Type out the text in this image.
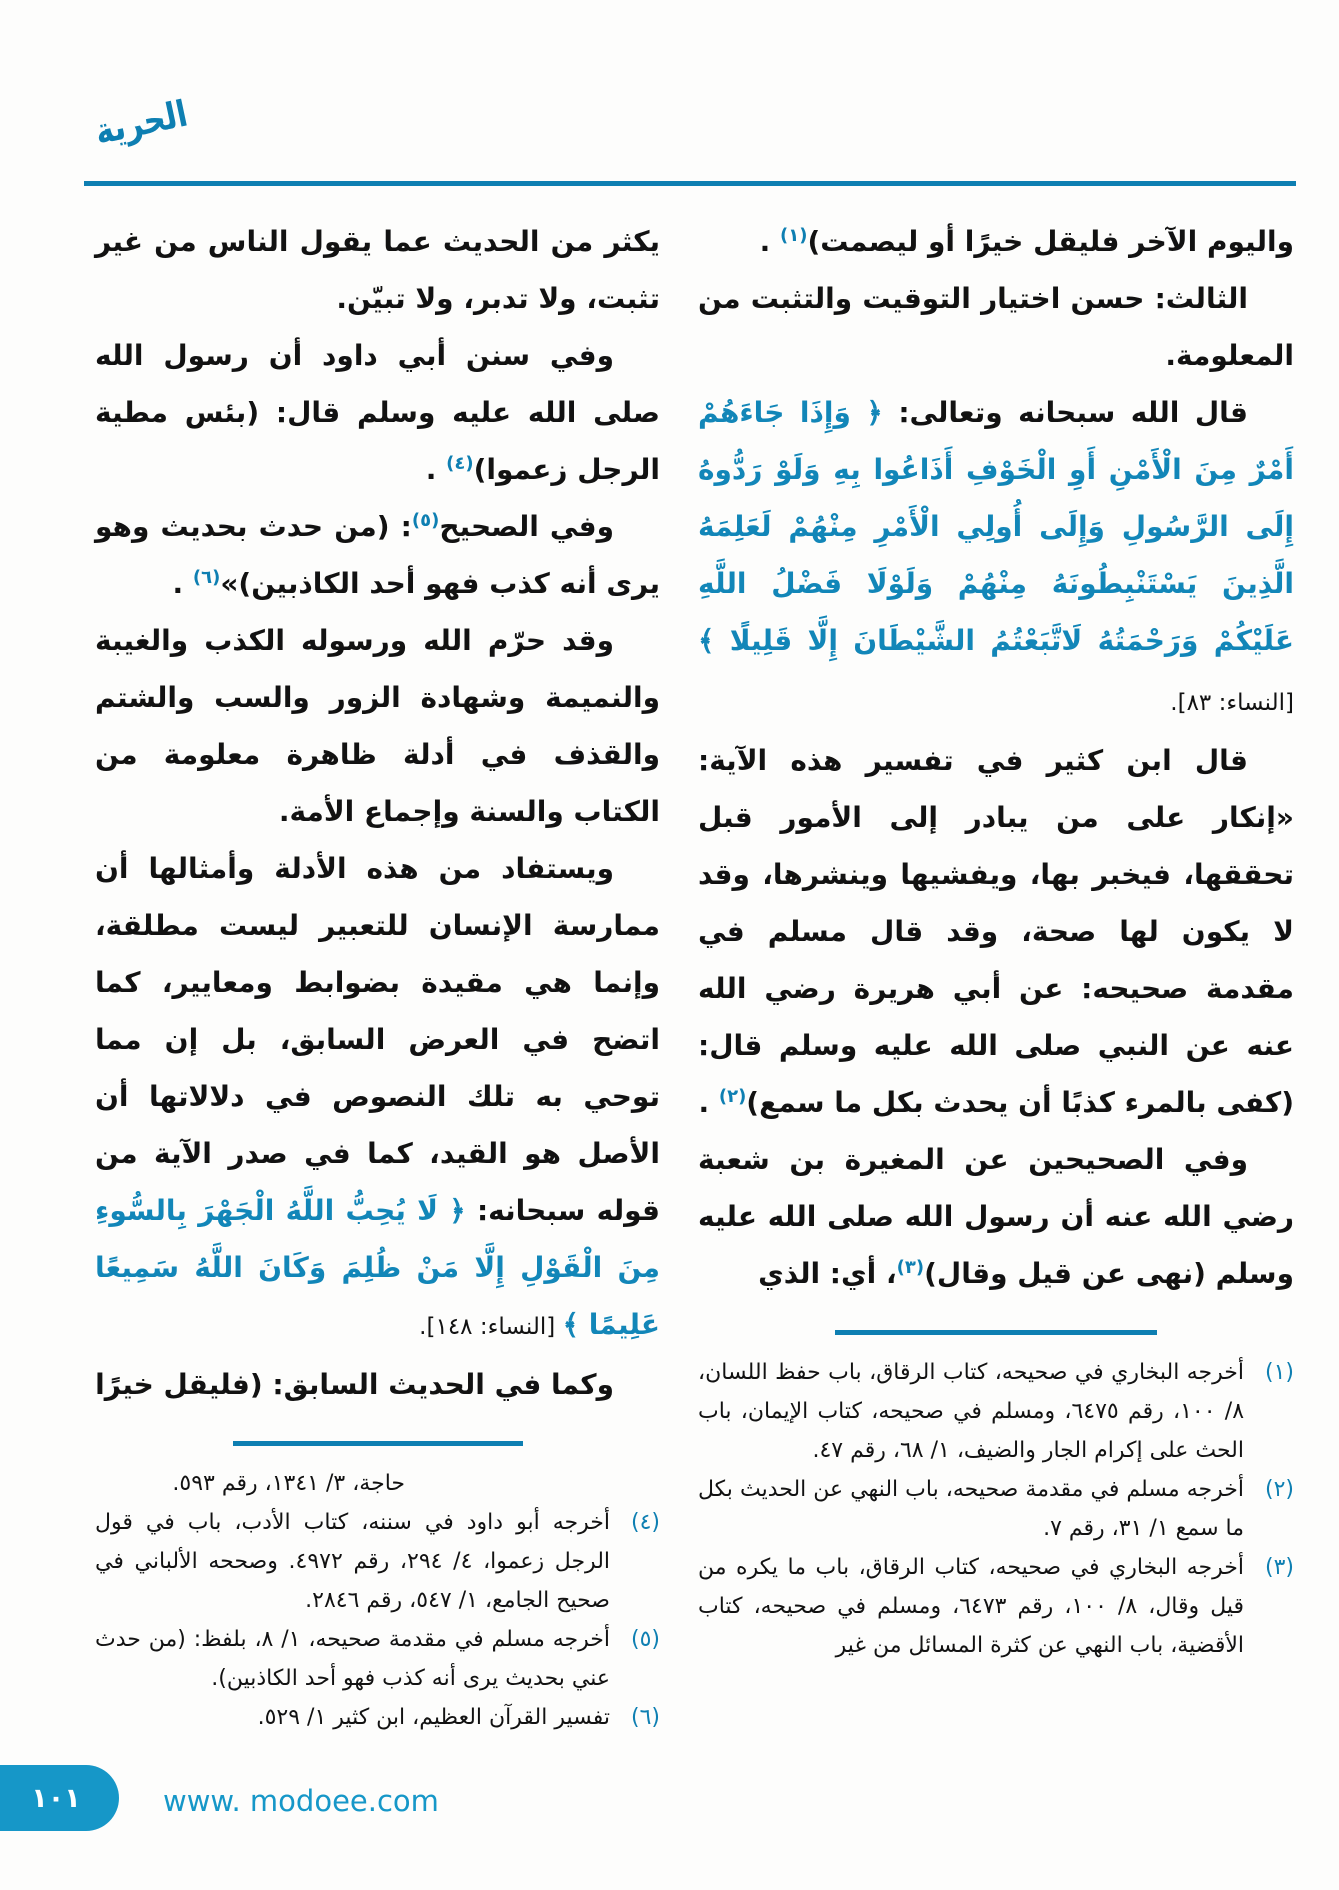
الحرية
واليوم الآخر فليقل خيرًا أو ليصمت)$^{(١)}$ .
الثالث: حسن اختيار التوقيت والتثبت من المعلومة.
قال الله سبحانه وتعالى: ﴿ وَإِذَا جَاءَهُمْ أَمْرٌ مِنَ الْأَمْنِ أَوِ الْخَوْفِ أَذَاعُوا بِهِ وَلَوْ رَدُّوهُ إِلَى الرَّسُولِ وَإِلَى أُولِي الْأَمْرِ مِنْهُمْ لَعَلِمَهُ الَّذِينَ يَسْتَنْبِطُونَهُ مِنْهُمْ وَلَوْلَا فَضْلُ اللَّهِ عَلَيْكُمْ وَرَحْمَتُهُ لَاتَّبَعْتُمُ الشَّيْطَانَ إِلَّا قَلِيلًا ﴾ [النساء: ٨٣].
قال ابن كثير في تفسير هذه الآية: «إنكار على من يبادر إلى الأمور قبل تحققها، فيخبر بها، ويفشيها وينشرها، وقد لا يكون لها صحة، وقد قال مسلم في مقدمة صحيحه: عن أبي هريرة رضي الله عنه عن النبي صلى الله عليه وسلم قال: (كفى بالمرء كذبًا أن يحدث بكل ما سمع)$^{(٢)}$ .
وفي الصحيحين عن المغيرة بن شعبة رضي الله عنه أن رسول الله صلى الله عليه وسلم (نهى عن قيل وقال)$^{(٣)}$، أي: الذي
(١)
أخرجه البخاري في صحيحه، كتاب الرقاق، باب حفظ اللسان، ٨/ ١٠٠، رقم ٦٤٧٥، ومسلم في صحيحه، كتاب الإيمان، باب الحث على إكرام الجار والضيف، ١/ ٦٨، رقم ٤٧.
(٢)
أخرجه مسلم في مقدمة صحيحه، باب النهي عن الحديث بكل ما سمع ١/ ٣١، رقم ٧.
(٣)
أخرجه البخاري في صحيحه، كتاب الرقاق، باب ما يكره من قيل وقال، ٨/ ١٠٠، رقم ٦٤٧٣، ومسلم في صحيحه، كتاب الأقضية، باب النهي عن كثرة المسائل من غير
يكثر من الحديث عما يقول الناس من غير تثبت، ولا تدبر، ولا تبيّن.
وفي سنن أبي داود أن رسول الله صلى الله عليه وسلم قال: (بئس مطية الرجل زعموا)$^{(٤)}$ .
وفي الصحيح$^{(٥)}$: (من حدث بحديث وهو يرى أنه كذب فهو أحد الكاذبين)»$^{(٦)}$ .
وقد حرّم الله ورسوله الكذب والغيبة والنميمة وشهادة الزور والسب والشتم والقذف في أدلة ظاهرة معلومة من الكتاب والسنة وإجماع الأمة.
ويستفاد من هذه الأدلة وأمثالها أن ممارسة الإنسان للتعبير ليست مطلقة، وإنما هي مقيدة بضوابط ومعايير، كما اتضح في العرض السابق، بل إن مما توحي به تلك النصوص في دلالاتها أن الأصل هو القيد، كما في صدر الآية من قوله سبحانه: ﴿ لَا يُحِبُّ اللَّهُ الْجَهْرَ بِالسُّوءِ مِنَ الْقَوْلِ إِلَّا مَنْ ظُلِمَ وَكَانَ اللَّهُ سَمِيعًا عَلِيمًا ﴾ [النساء: ١٤٨].
وكما في الحديث السابق: (فليقل خيرًا
حاجة، ٣/ ١٣٤١، رقم ٥٩٣.
(٤)
أخرجه أبو داود في سننه، كتاب الأدب، باب في قول الرجل زعموا، ٤/ ٢٩٤، رقم ٤٩٧٢. وصححه الألباني في صحيح الجامع، ١/ ٥٤٧، رقم ٢٨٤٦.
(٥)
أخرجه مسلم في مقدمة صحيحه، ١/ ٨، بلفظ: (من حدث عني بحديث يرى أنه كذب فهو أحد الكاذبين).
(٦)
تفسير القرآن العظيم، ابن كثير ١/ ٥٢٩.
١٠١	www. modoee.com
